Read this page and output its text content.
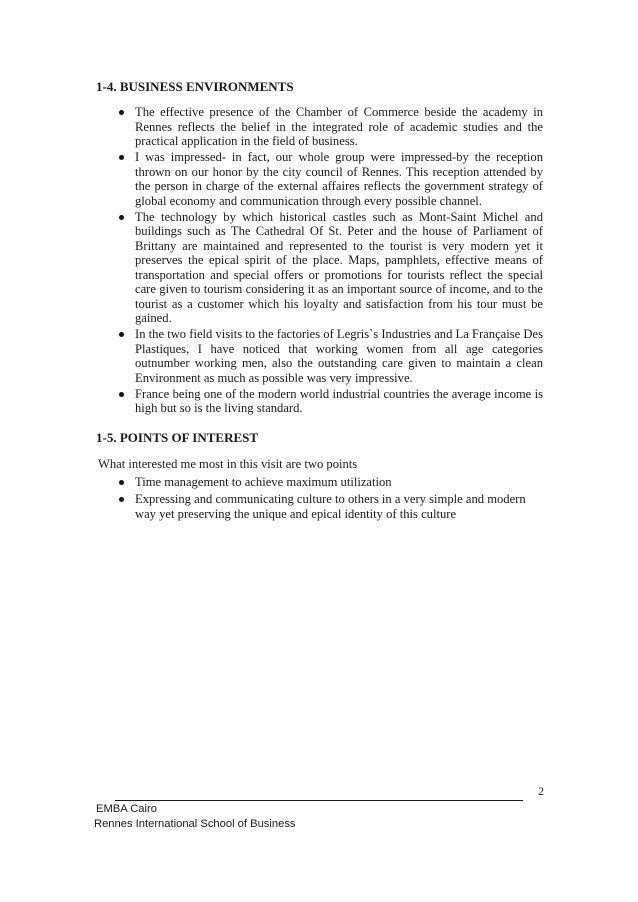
1-4. BUSINESS ENVIRONMENTS
The effective presence of the Chamber of Commerce beside the academy in Rennes reflects the belief in the integrated role of academic studies and the practical application in the field of business.
I was impressed- in fact, our whole group were impressed-by the reception thrown on our honor by the city council of Rennes. This reception attended by the person in charge of the external affaires reflects the government strategy of global economy and communication through every possible channel.
The technology by which historical castles such as Mont-Saint Michel and buildings such as The Cathedral Of St. Peter and the house of Parliament of Brittany are maintained and represented to the tourist is very modern yet it preserves the epical spirit of the place. Maps, pamphlets, effective means of transportation and special offers or promotions for tourists reflect the special care given to tourism considering it as an important source of income, and to the tourist as a customer which his loyalty and satisfaction from his tour must be gained.
In the two field visits to the factories of Legris`s Industries and La Française Des Plastiques, I have noticed that working women from all age categories outnumber working men, also the outstanding care given to maintain a clean Environment as much as possible was very impressive.
France being one of the modern world industrial countries the average income is high but so is the living standard.
1-5. POINTS OF INTEREST

What interested me most in this visit are two points

Time management to achieve maximum utilization
Expressing and communicating culture to others in a very simple and modern way yet preserving the unique and epical identity of this culture
2
EMBA Cairo
Rennes International School of Business
